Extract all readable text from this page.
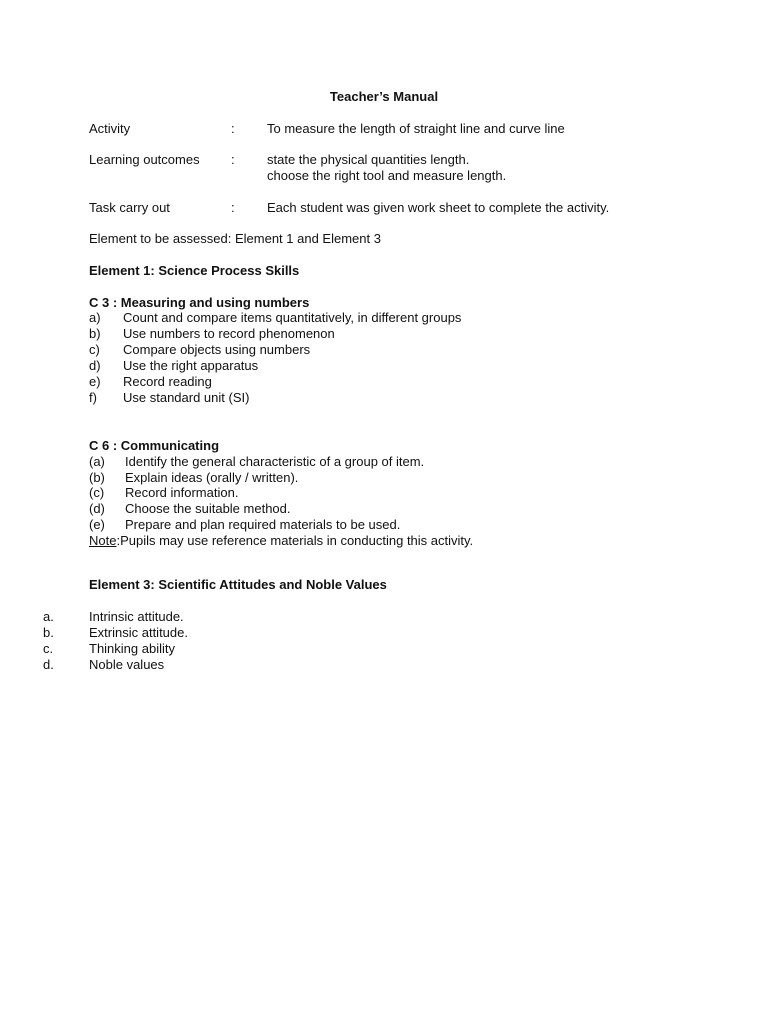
Teacher’s Manual
Activity	: To measure the length of straight line and curve line
Learning outcomes : state the physical quantities length.
choose the right tool and measure length.
Task carry out	: Each student was given work sheet to complete the activity.
Element to be assessed: Element 1 and Element 3
Element 1: Science Process Skills
C 3 : Measuring and using numbers
a) Count and compare items quantitatively, in different groups
b) Use numbers to record phenomenon
c) Compare objects using numbers
d) Use the right apparatus
e) Record reading
f) Use standard unit (SI)
C 6 : Communicating
(a) Identify the general characteristic of a group of item.
(b) Explain ideas (orally / written).
(c) Record information.
(d) Choose the suitable method.
(e) Prepare and plan required materials to be used.
Note:Pupils may use reference materials in conducting this activity.
Element 3: Scientific Attitudes and Noble Values
a.	Intrinsic attitude.
b.	Extrinsic attitude.
c.	Thinking ability
d.	Noble values
